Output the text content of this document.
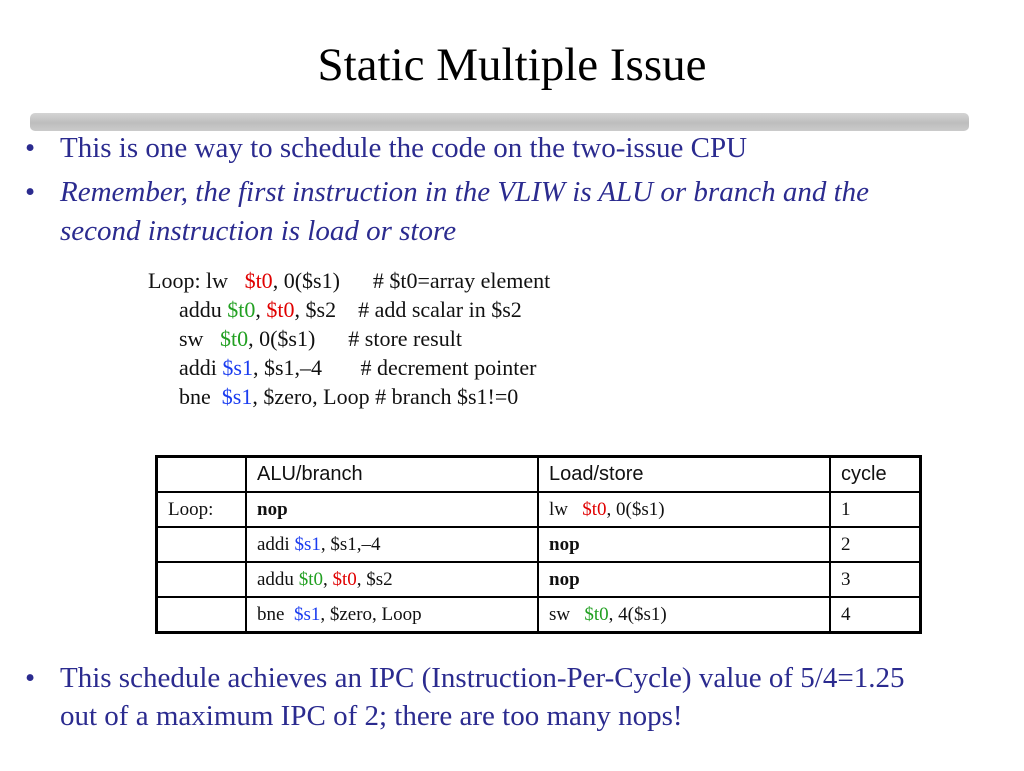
Static Multiple Issue
• This is one way to schedule the code on the two-issue CPU
• Remember, the first instruction in the VLIW is ALU or branch and the
second instruction is load or store
Loop: lw   $t0, 0($s1)      # $t0=array element
addu $t0, $t0, $s2    # add scalar in $s2
sw   $t0, 0($s1)      # store result
addi $s1, $s1,–4       # decrement pointer
bne  $s1, $zero, Loop # branch $s1!=0
	ALU/branch	Load/store	cycle
Loop:	nop	lw   $t0, 0($s1)	1
	addi $s1, $s1,–4	nop	2
	addu $t0, $t0, $s2	nop	3
	bne  $s1, $zero, Loop	sw   $t0, 4($s1)	4
• This schedule achieves an IPC (Instruction-Per-Cycle) value of 5/4=1.25
out of a maximum IPC of 2; there are too many nops!
